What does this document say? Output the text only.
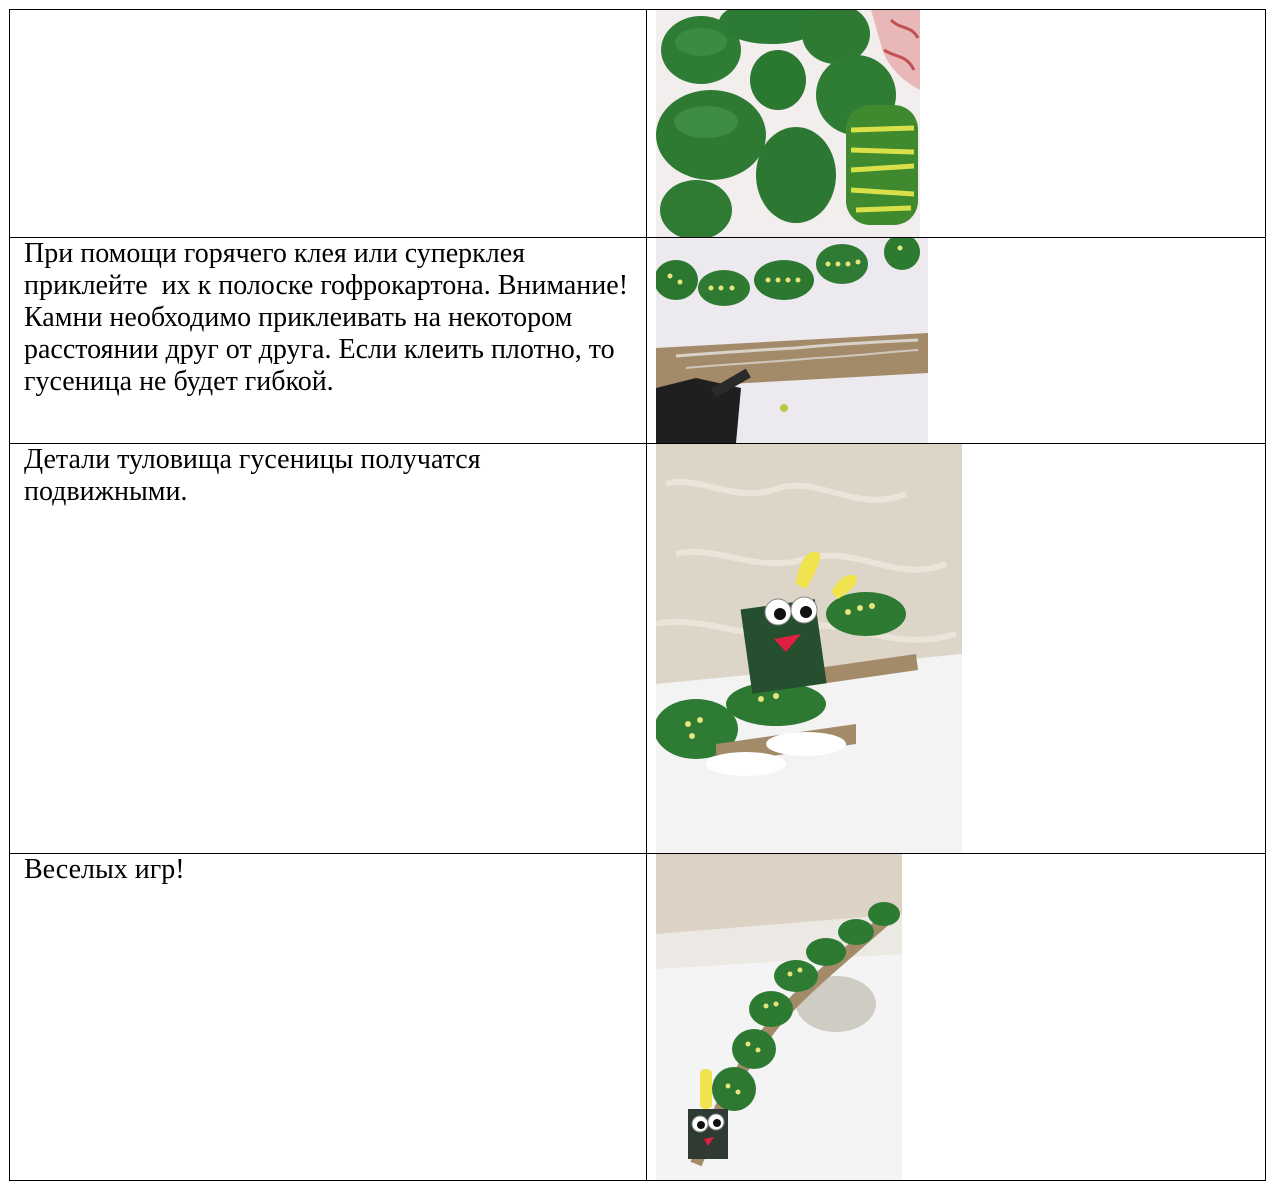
При помощи горячего клея или суперклея приклейте  их к полоске гофрокартона. Внимание! Камни необходимо приклеивать на некотором расстоянии друг от друга. Если клеить плотно, то гусеница не будет гибкой.

Детали туловища гусеницы получатся подвижными.

Веселых игр!
